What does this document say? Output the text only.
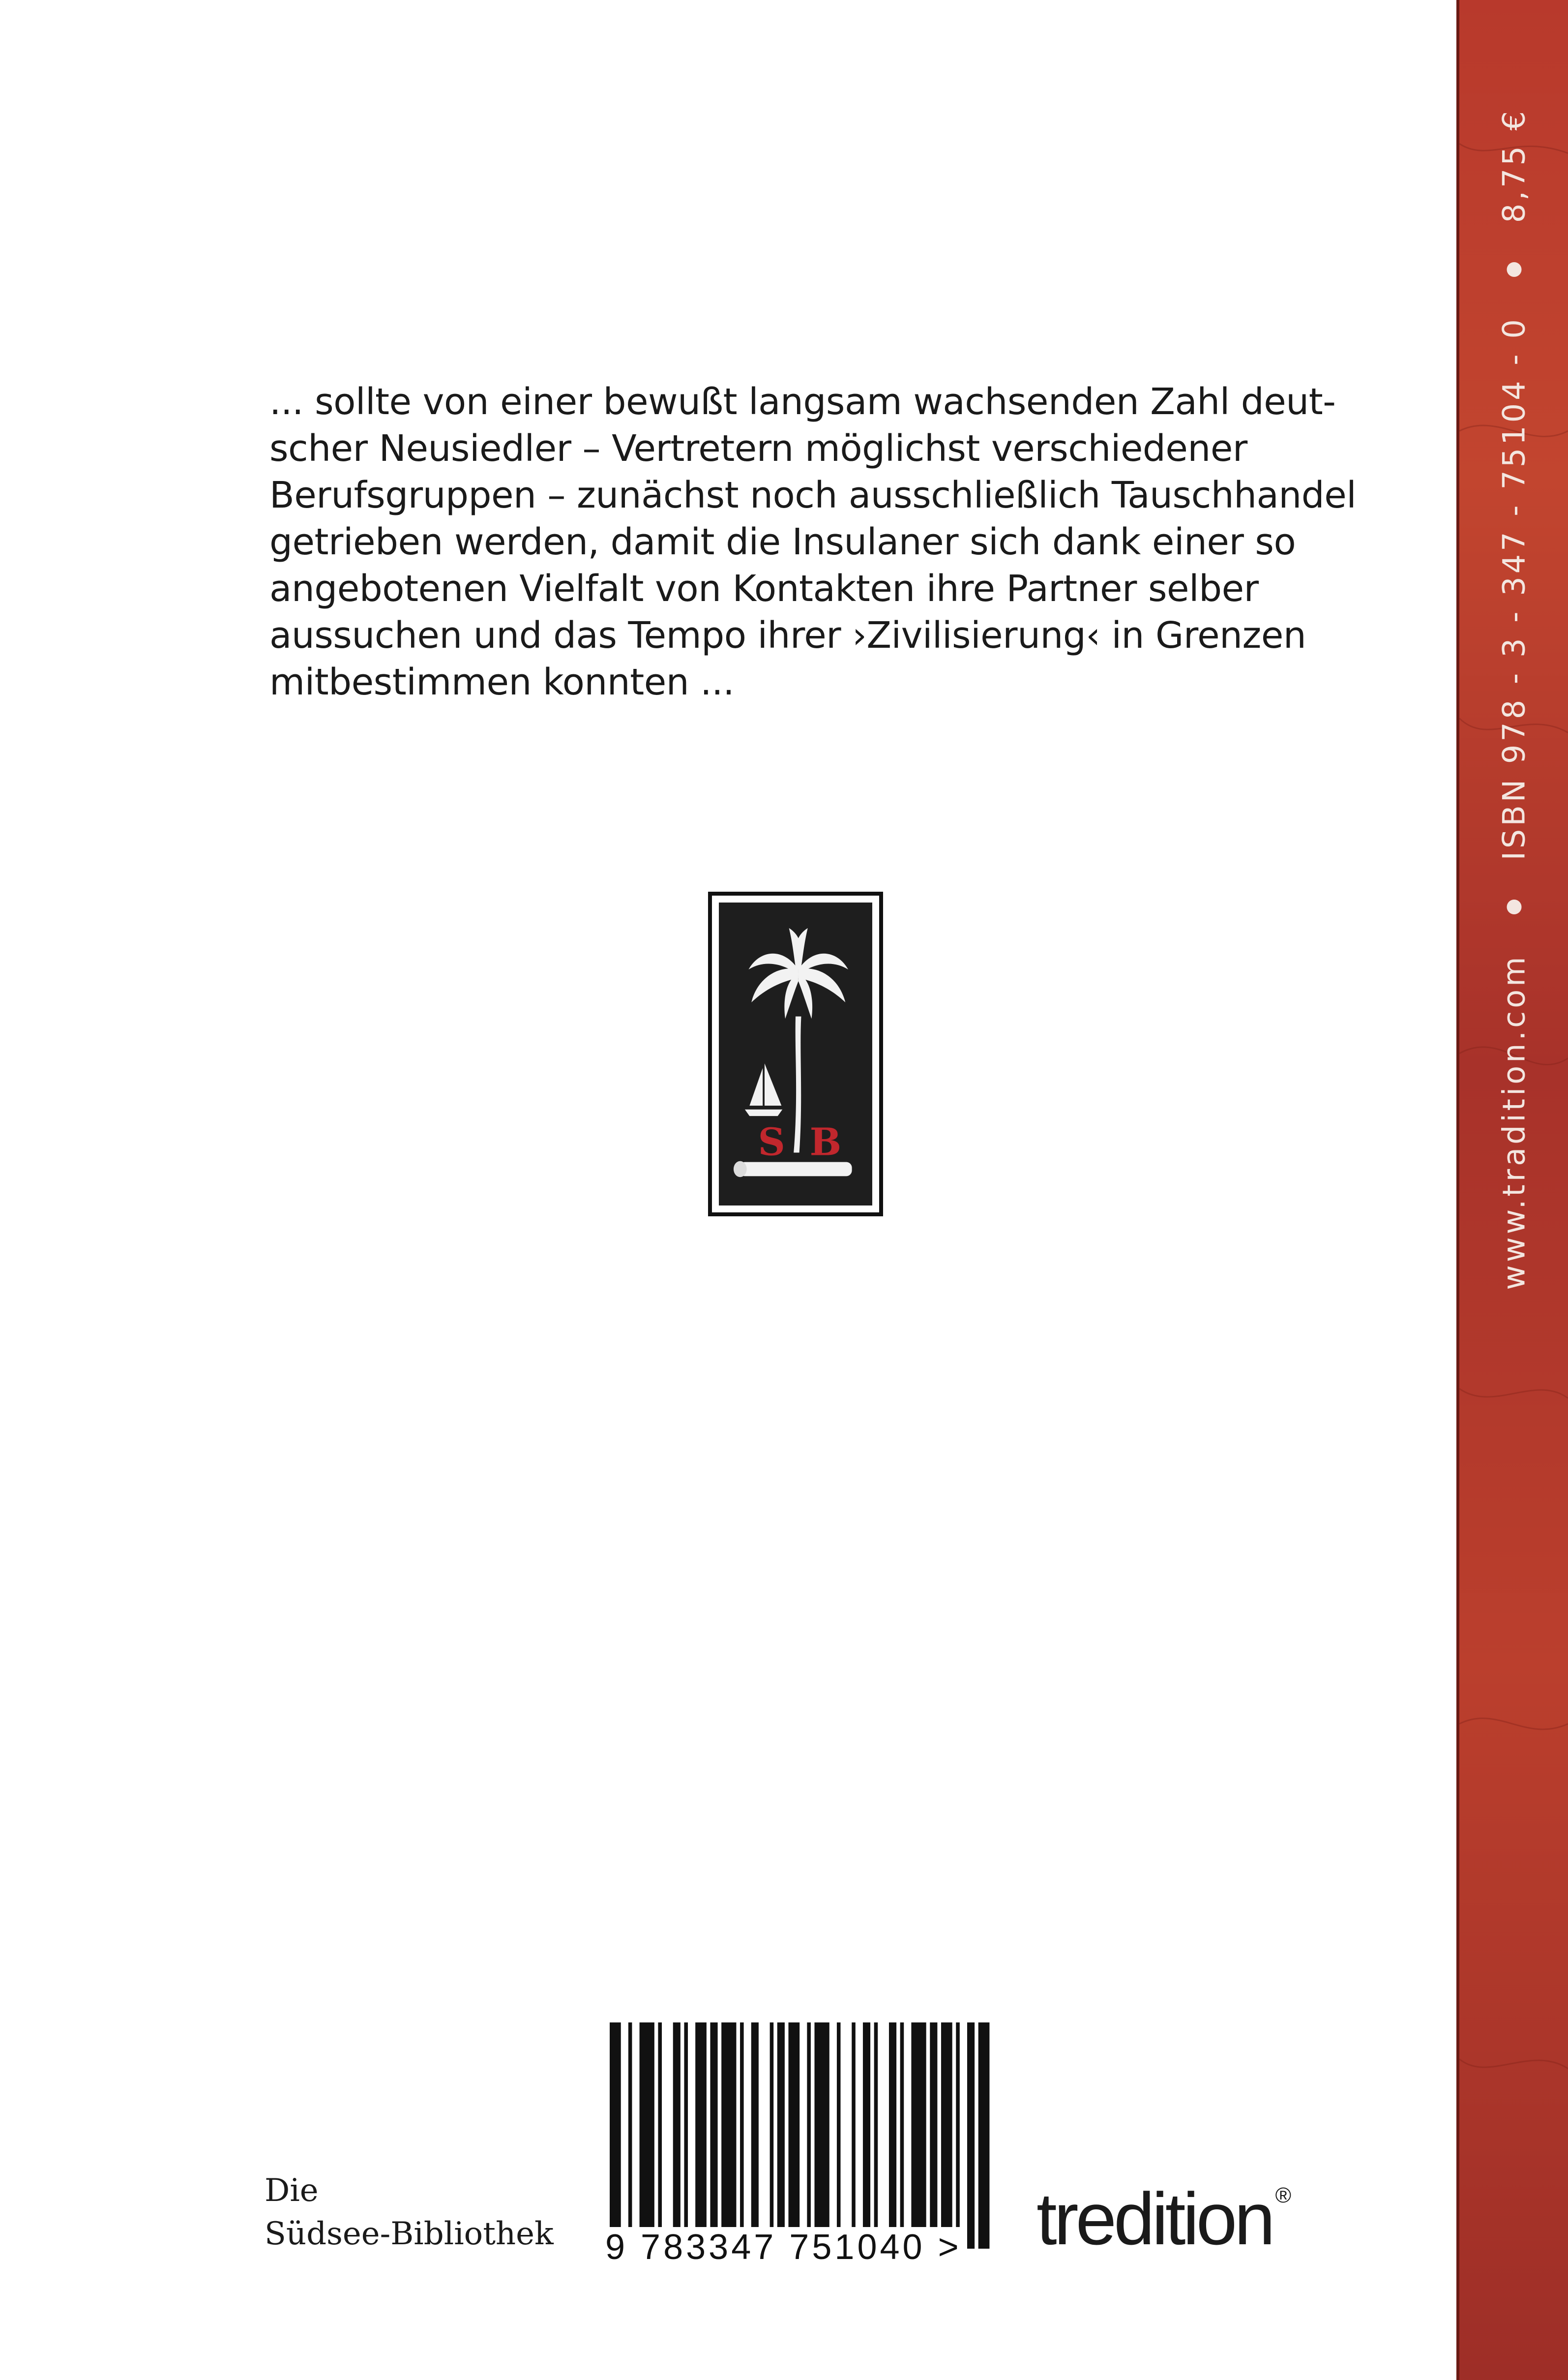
... sollte von einer bewußt langsam wachsenden Zahl deut-
scher Neusiedler – Vertretern möglichst verschiedener
Berufsgruppen – zunächst noch ausschließlich Tauschhandel
getrieben werden, damit die Insulaner sich dank einer so
angebotenen Vielfalt von Kontakten ihre Partner selber
aussuchen und das Tempo ihrer ›Zivilisierung‹ in Grenzen
mitbestimmen konnten ...
S B	www.tradition.com
ISBN 978 - 3 - 347 - 75104 - 0
8,75 €
Die
Südsee-Bibliothek 9 783347 751040 > tredition ®
